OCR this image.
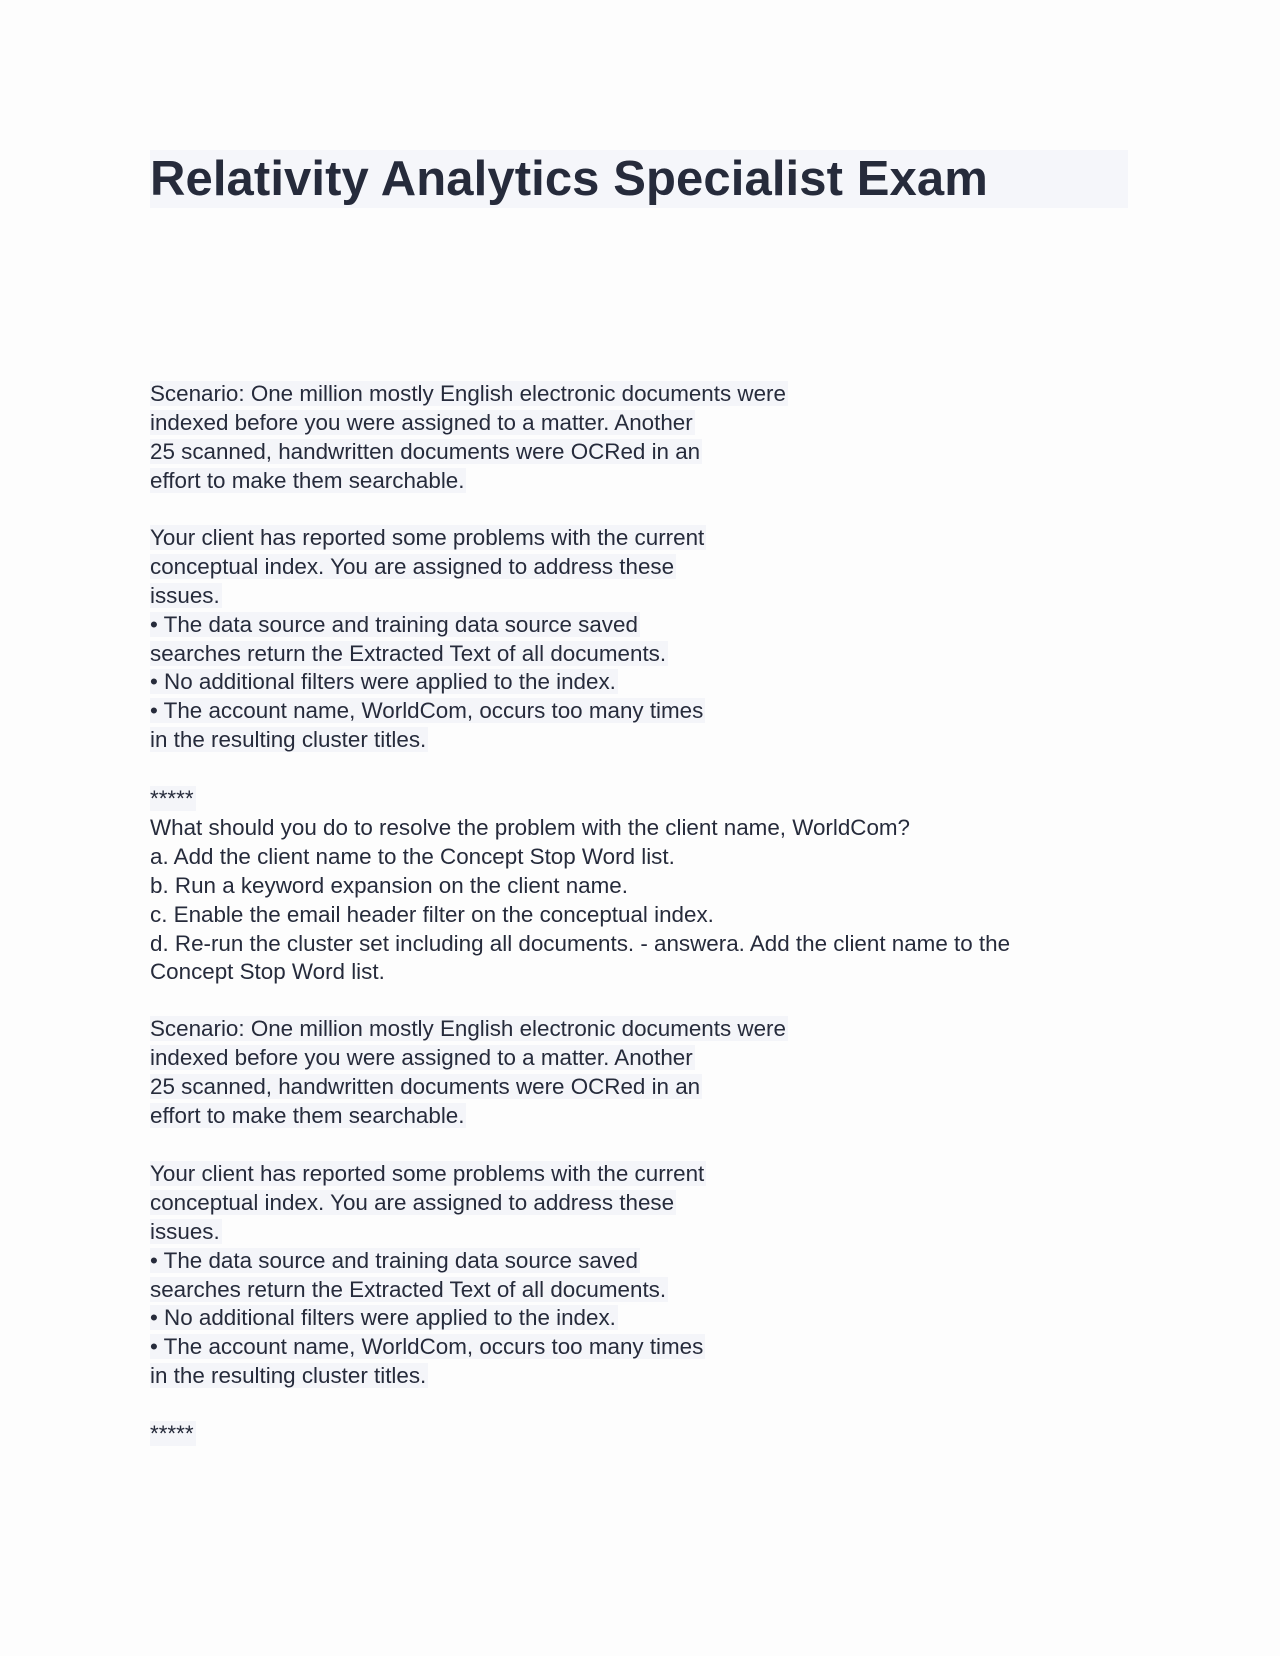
Relativity Analytics Specialist Exam
Scenario: One million mostly English electronic documents were
indexed before you were assigned to a matter. Another
25 scanned, handwritten documents were OCRed in an
effort to make them searchable.
Your client has reported some problems with the current
conceptual index. You are assigned to address these
issues.
• The data source and training data source saved
searches return the Extracted Text of all documents.
• No additional filters were applied to the index.
• The account name, WorldCom, occurs too many times
in the resulting cluster titles.
*****
What should you do to resolve the problem with the client name, WorldCom?
a. Add the client name to the Concept Stop Word list.
b. Run a keyword expansion on the client name.
c. Enable the email header filter on the conceptual index.
d. Re-run the cluster set including all documents. - answera. Add the client name to the
Concept Stop Word list.
Scenario: One million mostly English electronic documents were
indexed before you were assigned to a matter. Another
25 scanned, handwritten documents were OCRed in an
effort to make them searchable.
Your client has reported some problems with the current
conceptual index. You are assigned to address these
issues.
• The data source and training data source saved
searches return the Extracted Text of all documents.
• No additional filters were applied to the index.
• The account name, WorldCom, occurs too many times
in the resulting cluster titles.
*****
